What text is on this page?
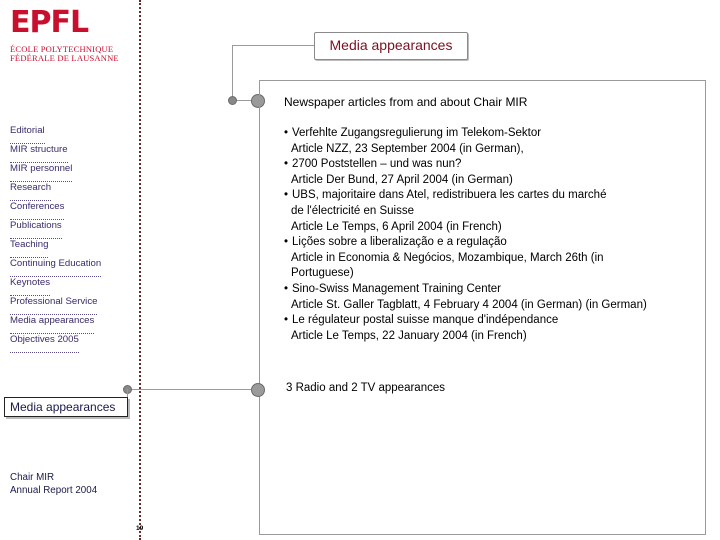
EPFL
ÉCOLE POLYTECHNIQUE
FÉDÉRALE DE LAUSANNE
Media appearances
Newspaper articles from and about Chair MIR
• Verfehlte Zugangsregulierung im Telekom-Sektor
Article NZZ, 23 September 2004 (in German),
• 2700 Poststellen – und was nun?
Article Der Bund, 27 April 2004 (in German)
• UBS, majoritaire dans Atel, redistribuera les cartes du marché
de l'électricité en Suisse
Article Le Temps, 6 April 2004 (in French)
• Lições sobre a liberalização e a regulação
Article in Economia & Negócios, Mozambique, March 26th (in
Portuguese)
• Sino-Swiss Management Training Center
Article St. Galler Tagblatt, 4 February 4 2004 (in German) (in German)
• Le régulateur postal suisse manque d'indépendance
Article Le Temps, 22 January 2004 (in French)
3 Radio and 2 TV appearances
Editorial
MIR structure
MIR personnel
Research
Conferences
Publications
Teaching
Continuing Education
Keynotes
Professional Service
Media appearances
Objectives 2005
Media appearances
Chair MIR
Annual Report 2004
19
